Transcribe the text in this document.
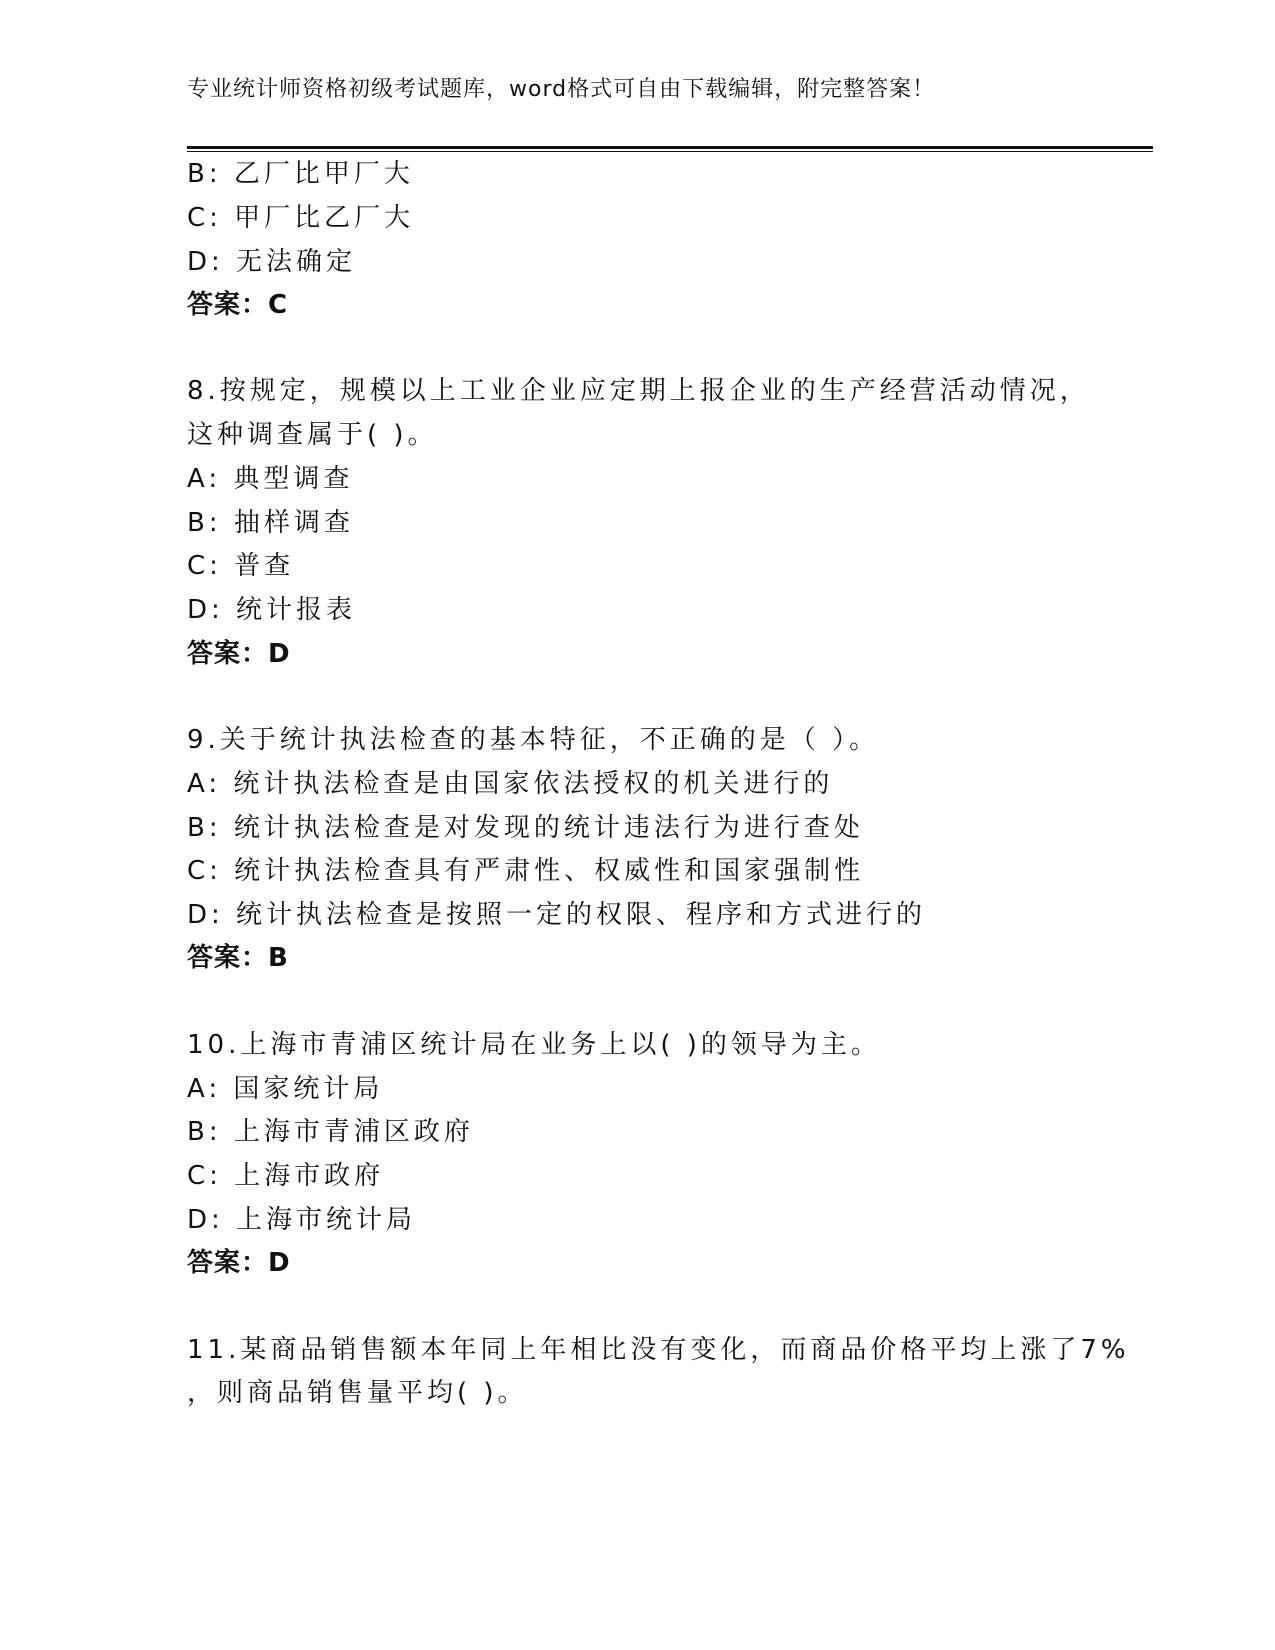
专业统计师资格初级考试题库，word格式可自由下载编辑，附完整答案！
B: 乙厂比甲厂大
C: 甲厂比乙厂大
D: 无法确定
答案：C
8.按规定，规模以上工业企业应定期上报企业的生产经营活动情况，
这种调查属于( )。
A: 典型调查
B: 抽样调查
C: 普查
D: 统计报表
答案：D
9.关于统计执法检查的基本特征，不正确的是（ ）。
A: 统计执法检查是由国家依法授权的机关进行的
B: 统计执法检查是对发现的统计违法行为进行查处
C: 统计执法检查具有严肃性、权威性和国家强制性
D: 统计执法检查是按照一定的权限、程序和方式进行的
答案：B
10.上海市青浦区统计局在业务上以( )的领导为主。
A: 国家统计局
B: 上海市青浦区政府
C: 上海市政府
D: 上海市统计局
答案：D
11.某商品销售额本年同上年相比没有变化，而商品价格平均上涨了7%
，则商品销售量平均( )。
